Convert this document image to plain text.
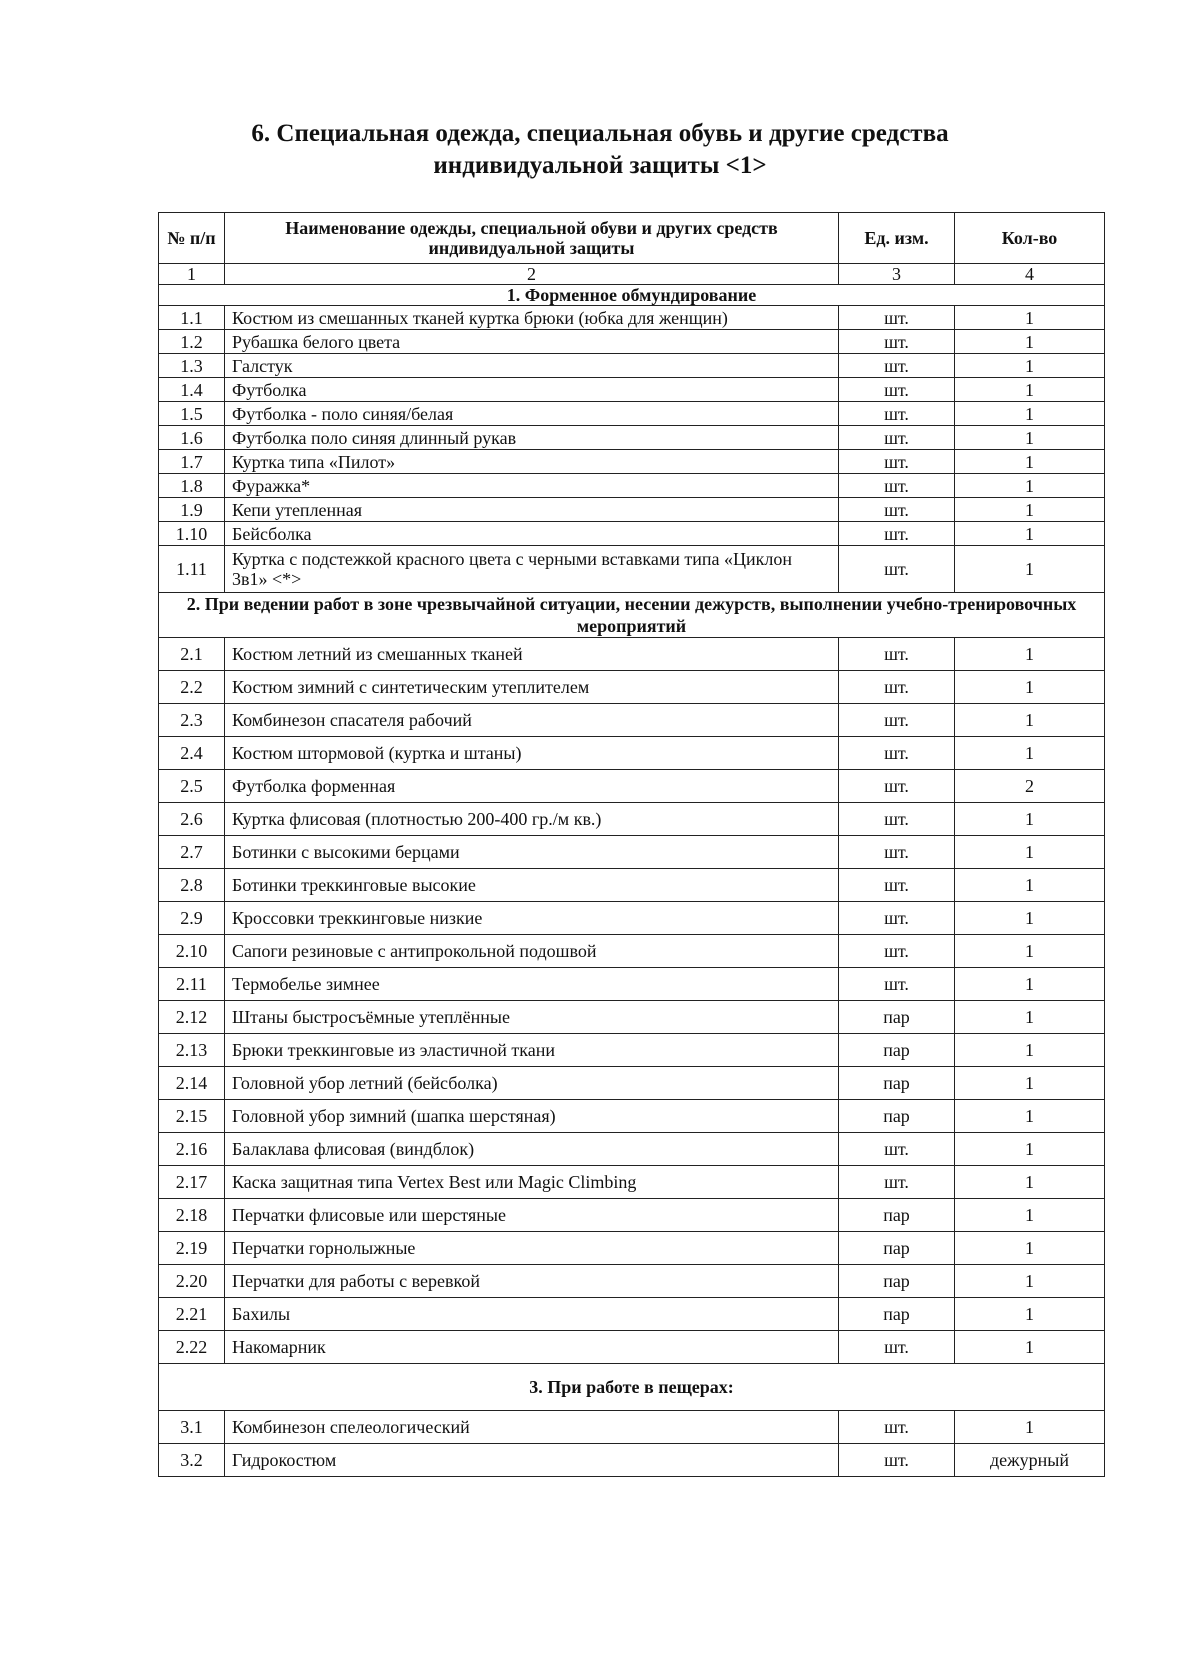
6. Специальная одежда, специальная обувь и другие средства
индивидуальной защиты <1>
№ п/п	Наименование одежды, специальной обуви и других средств индивидуальной защиты	Ед. изм.	Кол-во
1	2	3	4
1. Форменное обмундирование			
1.1	Костюм из смешанных тканей куртка брюки (юбка для женщин)	шт.	1
1.2	Рубашка белого цвета	шт.	1
1.3	Галстук	шт.	1
1.4	Футболка	шт.	1
1.5	Футболка - поло синяя/белая	шт.	1
1.6	Футболка поло синяя длинный рукав	шт.	1
1.7	Куртка типа «Пилот»	шт.	1
1.8	Фуражка*	шт.	1
1.9	Кепи утепленная	шт.	1
1.10	Бейсболка	шт.	1
1.11	Куртка с подстежкой красного цвета с черными вставками типа «Циклон 3в1» <*>	шт.	1
2. При ведении работ в зоне чрезвычайной ситуации, несении дежурств, выполнении учебно-тренировочных мероприятий			
2.1	Костюм летний из смешанных тканей	шт.	1
2.2	Костюм зимний с синтетическим утеплителем	шт.	1
2.3	Комбинезон спасателя рабочий	шт.	1
2.4	Костюм штормовой (куртка и штаны)	шт.	1
2.5	Футболка форменная	шт.	2
2.6	Куртка флисовая (плотностью 200-400 гр./м кв.)	шт.	1
2.7	Ботинки с высокими берцами	шт.	1
2.8	Ботинки треккинговые высокие	шт.	1
2.9	Кроссовки треккинговые низкие	шт.	1
2.10	Сапоги резиновые с антипрокольной подошвой	шт.	1
2.11	Термобелье зимнее	шт.	1
2.12	Штаны быстросъёмные утеплённые	пар	1
2.13	Брюки треккинговые из эластичной ткани	пар	1
2.14	Головной убор летний (бейсболка)	пар	1
2.15	Головной убор зимний (шапка шерстяная)	пар	1
2.16	Балаклава флисовая (виндблок)	шт.	1
2.17	Каска защитная типа Vertex Best или Magic Climbing	шт.	1
2.18	Перчатки флисовые или шерстяные	пар	1
2.19	Перчатки горнолыжные	пар	1
2.20	Перчатки для работы с веревкой	пар	1
2.21	Бахилы	пар	1
2.22	Накомарник	шт.	1
3. При работе в пещерах:			
3.1	Комбинезон спелеологический	шт.	1
3.2	Гидрокостюм	шт.	дежурный
